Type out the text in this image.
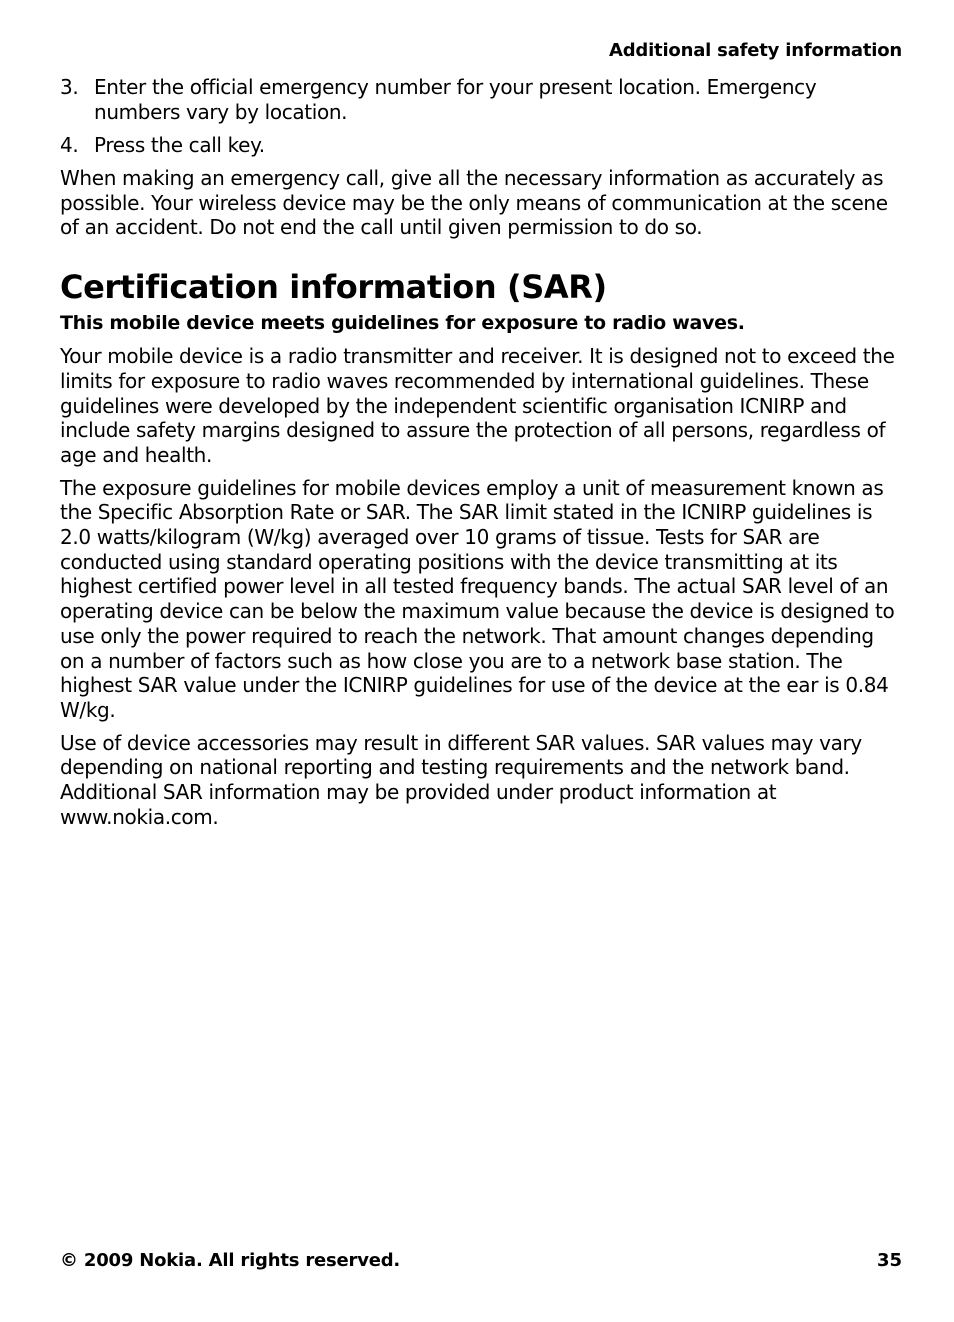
Additional safety information
3. Enter the official emergency number for your present location. Emergency numbers vary by location.
4. Press the call key.

When making an emergency call, give all the necessary information as accurately as possible. Your wireless device may be the only means of communication at the scene of an accident. Do not end the call until given permission to do so.

Certification information (SAR)

This mobile device meets guidelines for exposure to radio waves.

Your mobile device is a radio transmitter and receiver. It is designed not to exceed the limits for exposure to radio waves recommended by international guidelines. These guidelines were developed by the independent scientific organisation ICNIRP and include safety margins designed to assure the protection of all persons, regardless of age and health.

The exposure guidelines for mobile devices employ a unit of measurement known as the Specific Absorption Rate or SAR. The SAR limit stated in the ICNIRP guidelines is 2.0 watts/kilogram (W/kg) averaged over 10 grams of tissue. Tests for SAR are conducted using standard operating positions with the device transmitting at its highest certified power level in all tested frequency bands. The actual SAR level of an operating device can be below the maximum value because the device is designed to use only the power required to reach the network. That amount changes depending on a number of factors such as how close you are to a network base station. The highest SAR value under the ICNIRP guidelines for use of the device at the ear is 0.84 W/kg.

Use of device accessories may result in different SAR values. SAR values may vary depending on national reporting and testing requirements and the network band. Additional SAR information may be provided under product information at www.nokia.com.

© 2009 Nokia. All rights reserved.	35
